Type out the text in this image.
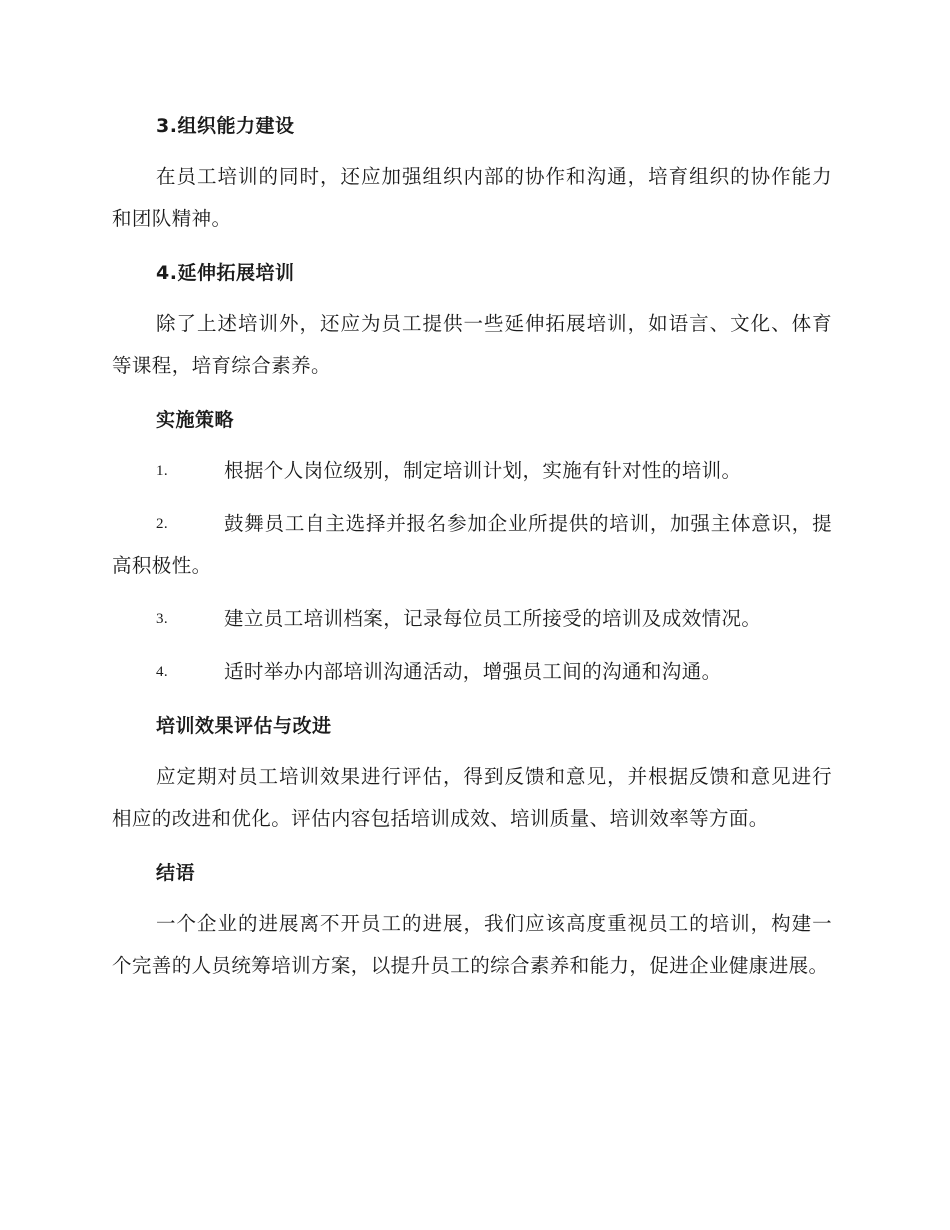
3.组织能力建设

在员工培训的同时，还应加强组织内部的协作和沟通，培育组织的协作能力和团队精神。

4.延伸拓展培训

除了上述培训外，还应为员工提供一些延伸拓展培训，如语言、文化、体育等课程，培育综合素养。

实施策略
1.	根据个人岗位级别，制定培训计划，实施有针对性的培训。
2.	鼓舞员工自主选择并报名参加企业所提供的培训，加强主体意识，提高积极性。
3.	建立员工培训档案，记录每位员工所接受的培训及成效情况。
4.	适时举办内部培训沟通活动，增强员工间的沟通和沟通。
培训效果评估与改进

应定期对员工培训效果进行评估，得到反馈和意见，并根据反馈和意见进行相应的改进和优化。评估内容包括培训成效、培训质量、培训效率等方面。

结语

一个企业的进展离不开员工的进展，我们应该高度重视员工的培训，构建一个完善的人员统筹培训方案，以提升员工的综合素养和能力，促进企业健康进展。
